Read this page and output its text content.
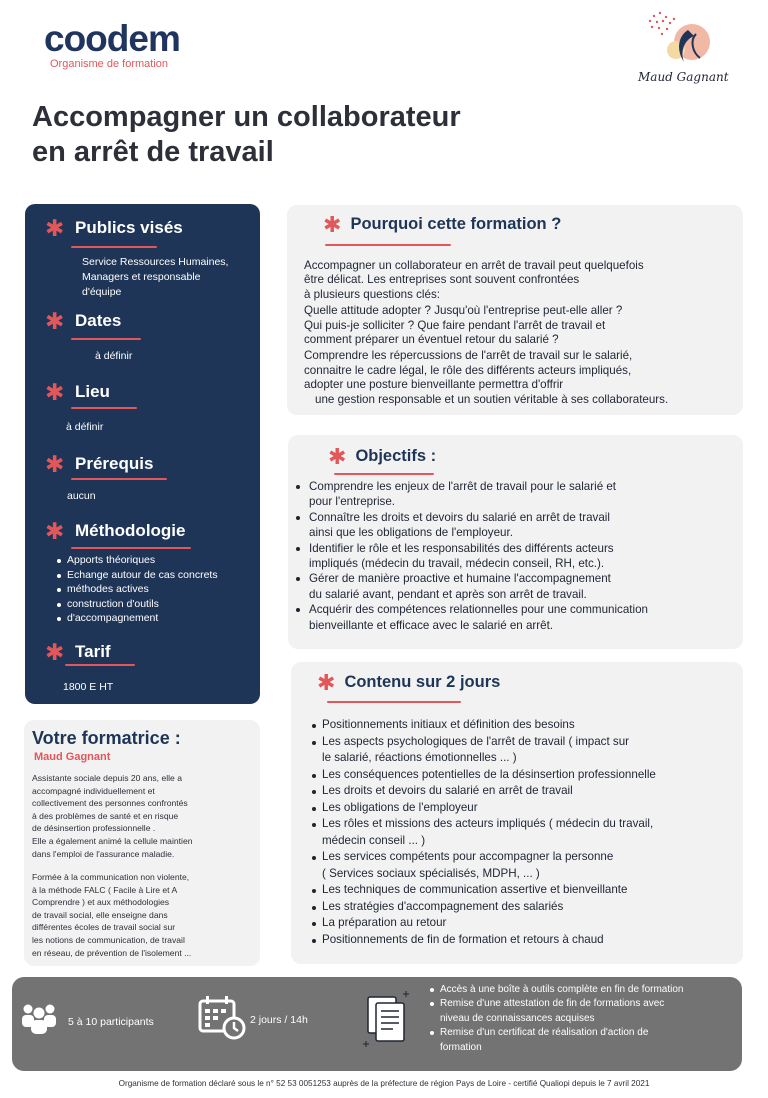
coodem
Organisme de formation
Maud Gagnant
Accompagner un collaborateur
en arrêt de travail
✱ Publics visés
Service Ressources Humaines,
Managers et responsable
d'équipe
✱ Dates
à définir
✱ Lieu
à définir
✱ Prérequis
aucun
✱ Méthodologie
Apports théoriques
Echange autour de cas concrets
méthodes actives
construction d'outils
d'accompagnement
✱ Tarif
1800 E HT
Votre formatrice :
Maud Gagnant
Assistante sociale depuis 20 ans, elle a
accompagné individuellement et
collectivement des personnes confrontés
à des problèmes de santé et en risque
de désinsertion professionnelle .
Elle a également animé la cellule maintien
dans l'emploi de l'assurance maladie.
Formée à la communication non violente,
à la méthode FALC ( Facile à Lire et A
Comprendre ) et aux méthodologies
de travail social, elle enseigne dans
différentes écoles de travail social sur
les notions de communication, de travail
en réseau, de prévention de l'isolement ...
✱ Pourquoi cette formation ?

Accompagner un collaborateur en arrêt de travail peut quelquefois
être délicat. Les entreprises sont souvent confrontées
à plusieurs questions clés:

Quelle attitude adopter ? Jusqu'où l'entreprise peut-elle aller ?
Qui puis-je solliciter ? Que faire pendant l'arrêt de travail et
comment préparer un éventuel retour du salarié ?

Comprendre les répercussions de l'arrêt de travail sur le salarié,
connaitre le cadre légal, le rôle des différents acteurs impliqués,
adopter une posture bienveillante permettra d'offrir
une gestion responsable et un soutien véritable à ses collaborateurs.

✱ Objectifs :
Comprendre les enjeux de l'arrêt de travail pour le salarié et
pour l'entreprise.
Connaître les droits et devoirs du salarié en arrêt de travail
ainsi que les obligations de l'employeur.
Identifier le rôle et les responsabilités des différents acteurs
impliqués (médecin du travail, médecin conseil, RH, etc.).
Gérer de manière proactive et humaine l'accompagnement
du salarié avant, pendant et après son arrêt de travail.
Acquérir des compétences relationnelles pour une communication
bienveillante et efficace avec le salarié en arrêt.
✱ Contenu sur 2 jours
Positionnements initiaux et définition des besoins
Les aspects psychologiques de l'arrêt de travail ( impact sur
le salarié, réactions émotionnelles ... )
Les conséquences potentielles de la désinsertion professionnelle
Les droits et devoirs du salarié en arrêt de travail
Les obligations de l'employeur
Les rôles et missions des acteurs impliqués ( médecin du travail,
médecin conseil ... )
Les services compétents pour accompagner la personne
( Services sociaux spécialisés, MDPH, ... )
Les techniques de communication assertive et bienveillante
Les stratégies d'accompagnement des salariés
La préparation au retour
Positionnements de fin de formation et retours à chaud
5 à 10 participants	2 jours / 14h
Accès à une boîte à outils complète en fin de formation
Remise d'une attestation de fin de formations avec
niveau de connaissances acquises
Remise d'un certificat de réalisation d'action de
formation
Organisme de formation déclaré sous le n° 52 53 0051253 auprès de la préfecture de région Pays de Loire - certifié Qualiopi depuis le 7 avril 2021
